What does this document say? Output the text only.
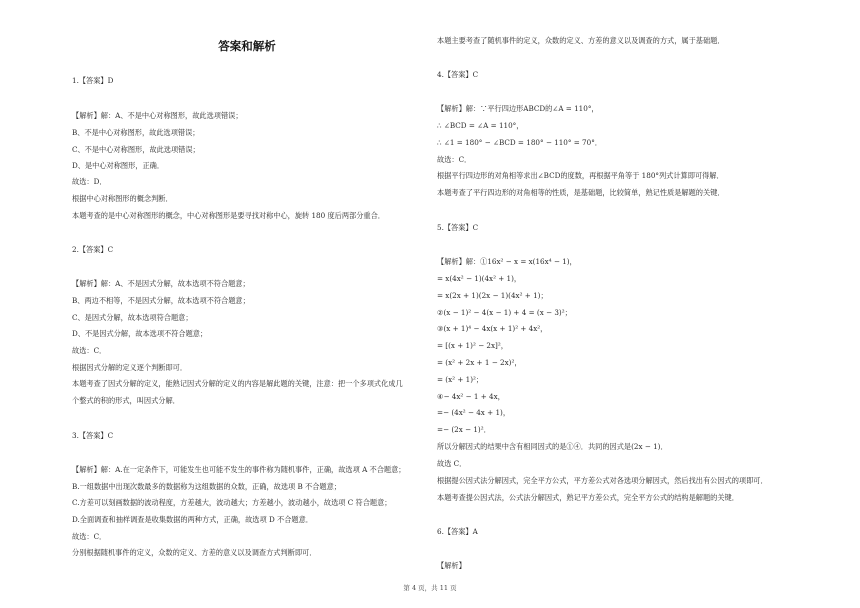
答案和解析
1.【答案】D
【解析】解：A、不是中心对称图形，故此选项错误；
B、不是中心对称图形，故此选项错误；
C、不是中心对称图形，故此选项错误；
D、是中心对称图形，正确．
故选：D．
根据中心对称图形的概念判断．
本题考查的是中心对称图形的概念，中心对称图形是要寻找对称中心，旋转 180 度后两部分重合．
2.【答案】C
【解析】解：A、不是因式分解，故本选项不符合题意；
B、两边不相等，不是因式分解，故本选项不符合题意；
C、是因式分解，故本选项符合题意；
D、不是因式分解，故本选项不符合题意；
故选：C．
根据因式分解的定义逐个判断即可．
本题考查了因式分解的定义，能熟记因式分解的定义的内容是解此题的关键，注意：把一个多项式化成几
个整式的积的形式，叫因式分解．
3.【答案】C
【解析】解：A.在一定条件下，可能发生也可能不发生的事件称为随机事件，正确，故选项 A 不合题意；
B.一组数据中出现次数最多的数据称为这组数据的众数，正确，故选项 B 不合题意；
C.方差可以刻画数据的波动程度，方差越大，波动越大；方差越小，波动越小，故选项 C 符合题意；
D.全面调查和抽样调查是收集数据的两种方式，正确，故选项 D 不合题意．
故选：C．
分别根据随机事件的定义，众数的定义、方差的意义以及调查方式判断即可．
本题主要考查了随机事件的定义，众数的定义、方差的意义以及调查的方式，属于基础题．
4.【答案】C
【解析】解：∵平行四边形ABCD的∠A = 110°，
∴ ∠BCD = ∠A = 110°，
∴ ∠1 = 180° − ∠BCD = 180° − 110° = 70°．
故选：C．
根据平行四边形的对角相等求出∠BCD的度数，再根据平角等于 180°列式计算即可得解．
本题考查了平行四边形的对角相等的性质，是基础题，比较简单，熟记性质是解题的关键．
5.【答案】C
【解析】解：①16x² − x = x(16x⁴ − 1)，
= x(4x² − 1)(4x² + 1)，
= x(2x + 1)(2x − 1)(4x² + 1)；
②(x − 1)² − 4(x − 1) + 4 = (x − 3)²；
③(x + 1)⁴ − 4x(x + 1)² + 4x²，
= [(x + 1)² − 2x]²，
= (x² + 2x + 1 − 2x)²，
= (x² + 1)²；
④− 4x² − 1 + 4x，
=− (4x² − 4x + 1)，
=− (2x − 1)²．
所以分解因式的结果中含有相同因式的是①④．共同的因式是(2x − 1)．
故选 C．
根据提公因式法分解因式，完全平方公式，平方差公式对各选项分解因式，然后找出有公因式的项即可．
本题考查提公因式法，公式法分解因式，熟记平方差公式，完全平方公式的结构是解题的关键．
6.【答案】A
【解析】
第 4 页，共 11 页
